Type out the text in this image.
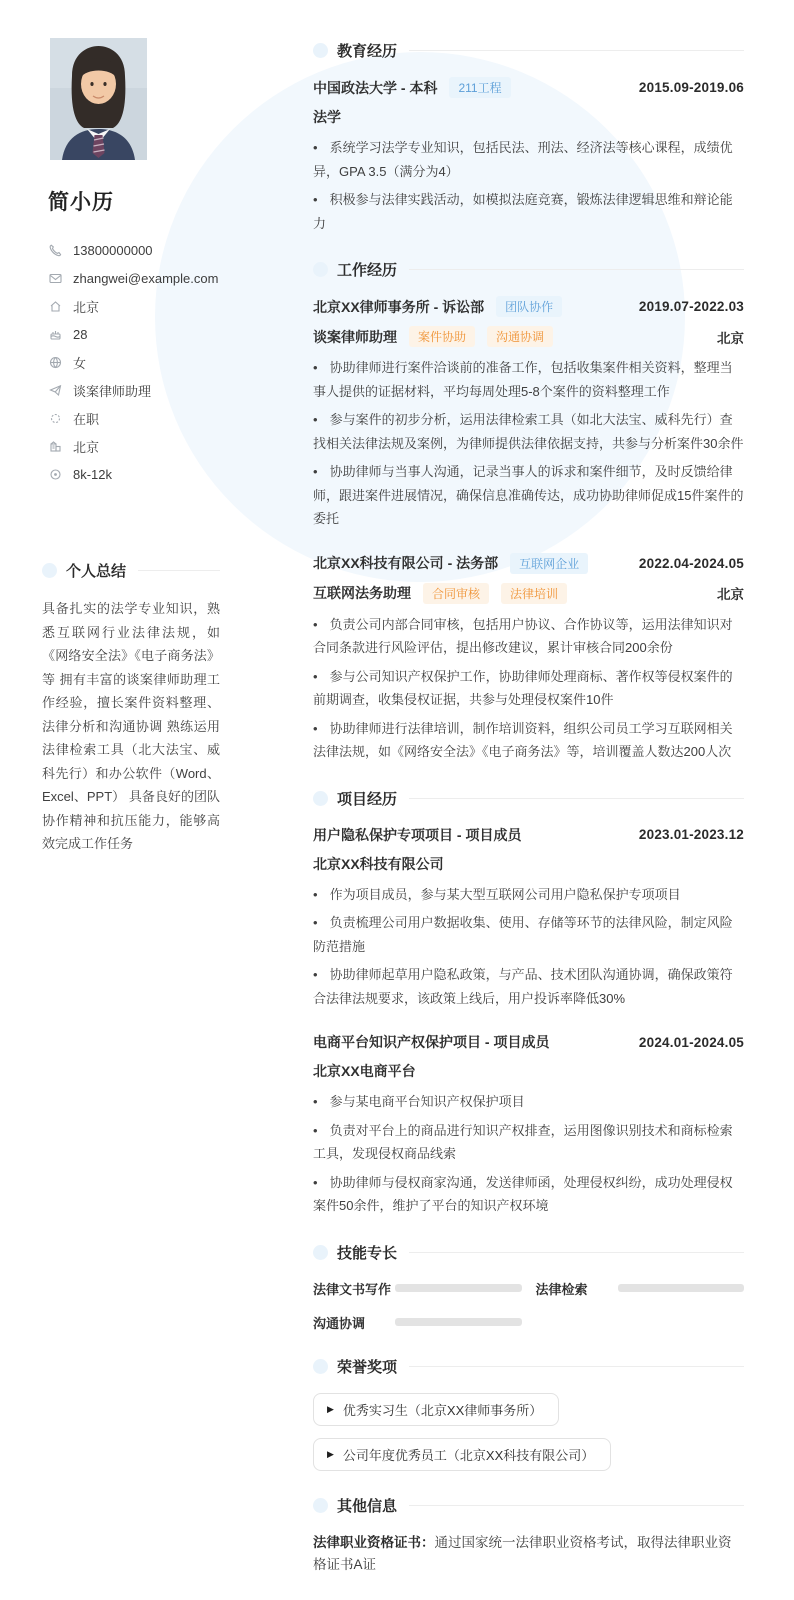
简小历
13800000000
zhangwei@example.com
北京
28
女
谈案律师助理
在职
北京
8k-12k
个人总结

具备扎实的法学专业知识，熟悉互联网行业法律法规，如《网络安全法》《电子商务法》等 拥有丰富的谈案律师助理工作经验，擅长案件资料整理、法律分析和沟通协调 熟练运用法律检索工具（北大法宝、威科先行）和办公软件（Word、Excel、PPT） 具备良好的团队协作精神和抗压能力，能够高效完成工作任务

教育经历
中国政法大学 - 本科	211工程	2015.09-2019.06
法学
• 系统学习法学专业知识，包括民法、刑法、经济法等核心课程，成绩优异，GPA 3.5（满分为4）
• 积极参与法律实践活动，如模拟法庭竞赛，锻炼法律逻辑思维和辩论能力
工作经历
北京XX律师事务所 - 诉讼部	团队协作	2019.07-2022.03
谈案律师助理	案件协助	沟通协调	北京
• 协助律师进行案件洽谈前的准备工作，包括收集案件相关资料，整理当事人提供的证据材料，平均每周处理5-8个案件的资料整理工作
• 参与案件的初步分析，运用法律检索工具（如北大法宝、威科先行）查找相关法律法规及案例，为律师提供法律依据支持，共参与分析案件30余件
• 协助律师与当事人沟通，记录当事人的诉求和案件细节，及时反馈给律师，跟进案件进展情况，确保信息准确传达，成功协助律师促成15件案件的委托
北京XX科技有限公司 - 法务部	互联网企业	2022.04-2024.05
互联网法务助理	合同审核	法律培训	北京
• 负责公司内部合同审核，包括用户协议、合作协议等，运用法律知识对合同条款进行风险评估，提出修改建议，累计审核合同200余份
• 参与公司知识产权保护工作，协助律师处理商标、著作权等侵权案件的前期调查，收集侵权证据，共参与处理侵权案件10件
• 协助律师进行法律培训，制作培训资料，组织公司员工学习互联网相关法律法规，如《网络安全法》《电子商务法》等，培训覆盖人数达200人次
项目经历
用户隐私保护专项项目 - 项目成员	2023.01-2023.12
北京XX科技有限公司
• 作为项目成员，参与某大型互联网公司用户隐私保护专项项目
• 负责梳理公司用户数据收集、使用、存储等环节的法律风险，制定风险防范措施
• 协助律师起草用户隐私政策，与产品、技术团队沟通协调，确保政策符合法律法规要求，该政策上线后，用户投诉率降低30%
电商平台知识产权保护项目 - 项目成员	2024.01-2024.05
北京XX电商平台
• 参与某电商平台知识产权保护项目
• 负责对平台上的商品进行知识产权排查，运用图像识别技术和商标检索工具，发现侵权商品线索
• 协助律师与侵权商家沟通，发送律师函，处理侵权纠纷，成功处理侵权案件50余件，维护了平台的知识产权环境
技能专长
法律文书写作	法律检索
沟通协调
荣誉奖项
▶ 优秀实习生（北京XX律师事务所）
▶ 公司年度优秀员工（北京XX科技有限公司）
其他信息

法律职业资格证书：通过国家统一法律职业资格考试，取得法律职业资格证书A证
